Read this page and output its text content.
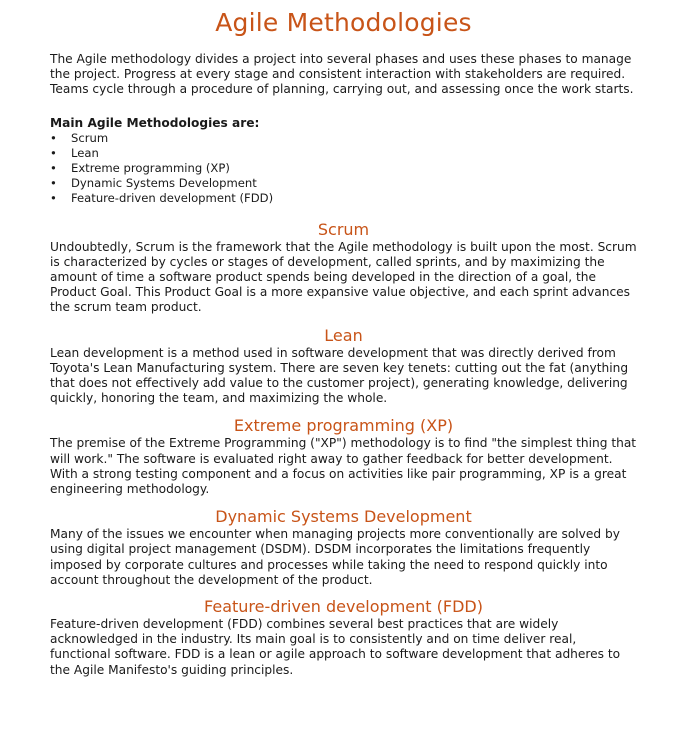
Agile Methodologies

The Agile methodology divides a project into several phases and uses these phases to manage the project. Progress at every stage and consistent interaction with stakeholders are required. Teams cycle through a procedure of planning, carrying out, and assessing once the work starts.

Main Agile Methodologies are:

• Scrum
• Lean
• Extreme programming (XP)
• Dynamic Systems Development
• Feature-driven development (FDD)
Scrum

Undoubtedly, Scrum is the framework that the Agile methodology is built upon the most. Scrum is characterized by cycles or stages of development, called sprints, and by maximizing the amount of time a software product spends being developed in the direction of a goal, the Product Goal. This Product Goal is a more expansive value objective, and each sprint advances the scrum team product.

Lean

Lean development is a method used in software development that was directly derived from Toyota's Lean Manufacturing system. There are seven key tenets: cutting out the fat (anything that does not effectively add value to the customer project), generating knowledge, delivering quickly, honoring the team, and maximizing the whole.

Extreme programming (XP)

The premise of the Extreme Programming ("XP") methodology is to find "the simplest thing that will work." The software is evaluated right away to gather feedback for better development. With a strong testing component and a focus on activities like pair programming, XP is a great engineering methodology.

Dynamic Systems Development

Many of the issues we encounter when managing projects more conventionally are solved by using digital project management (DSDM). DSDM incorporates the limitations frequently imposed by corporate cultures and processes while taking the need to respond quickly into account throughout the development of the product.

Feature-driven development (FDD)

Feature-driven development (FDD) combines several best practices that are widely acknowledged in the industry. Its main goal is to consistently and on time deliver real, functional software. FDD is a lean or agile approach to software development that adheres to the Agile Manifesto's guiding principles.
